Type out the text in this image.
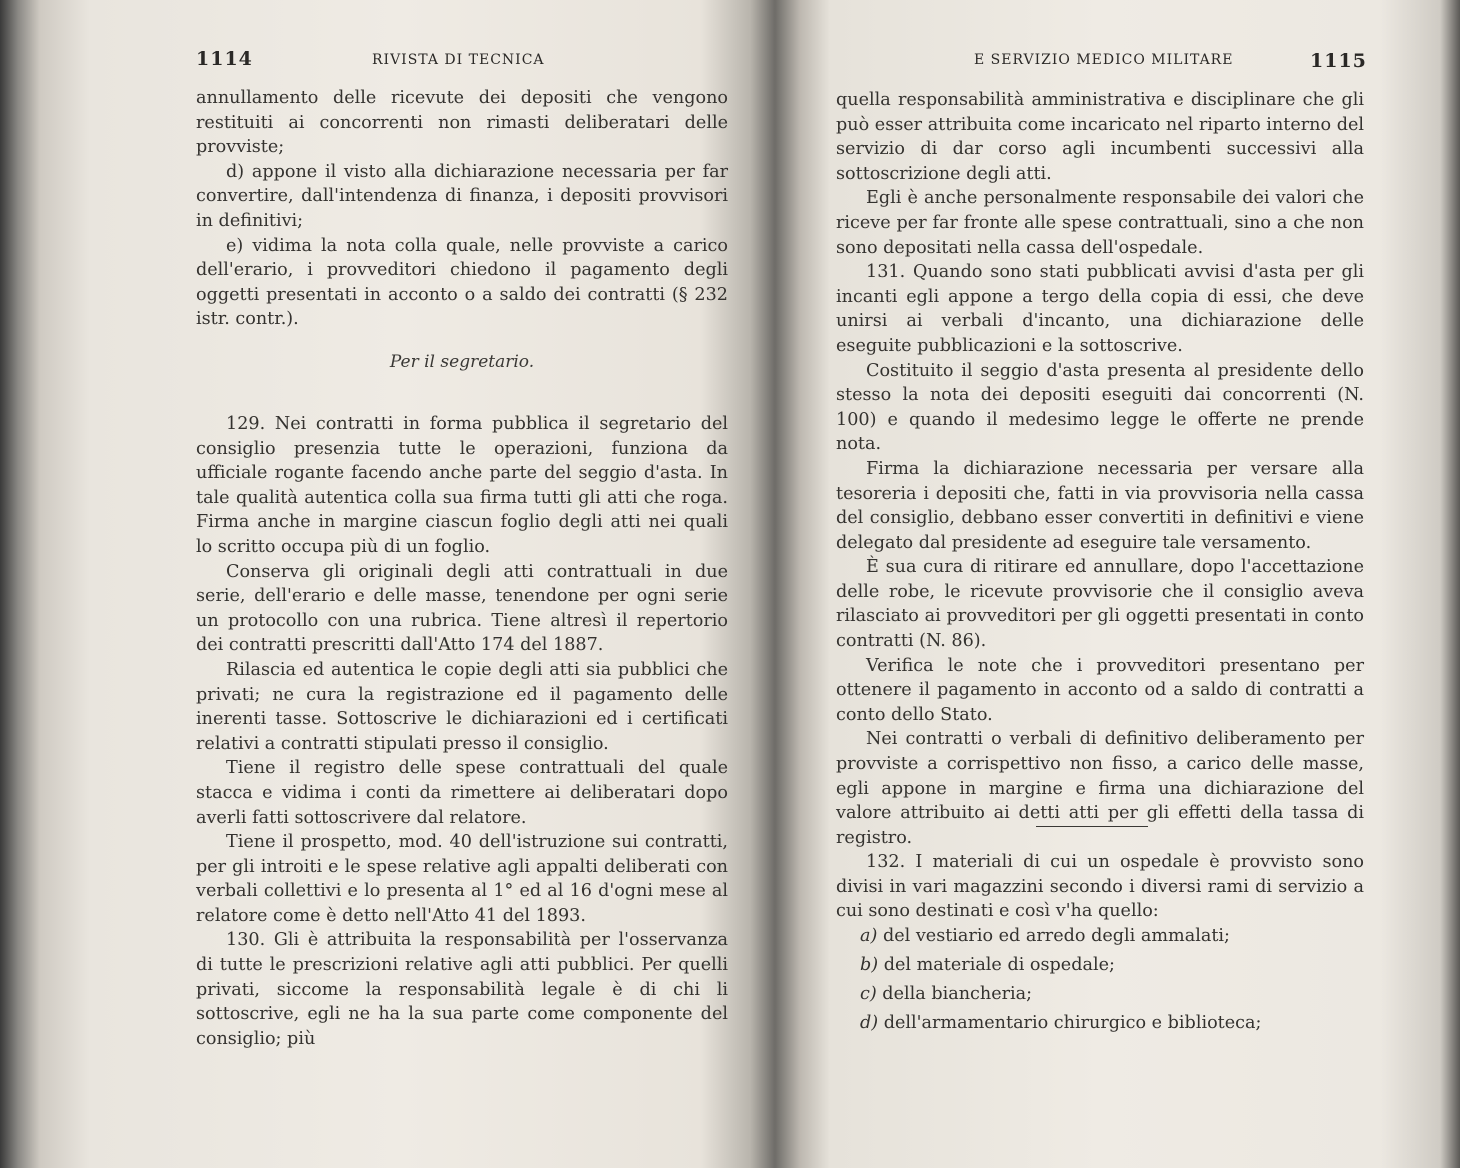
1114	RIVISTA DI TECNICA

annullamento delle ricevute dei depositi che vengono restituiti ai concorrenti non rimasti deliberatari delle provviste;

d) appone il visto alla dichiarazione necessaria per far convertire, dall'intendenza di finanza, i depositi provvisori in definitivi;

e) vidima la nota colla quale, nelle provviste a carico dell'erario, i provveditori chiedono il pagamento degli oggetti presentati in acconto o a saldo dei contratti (§ 232 istr. contr.).

Per il segretario.

129. Nei contratti in forma pubblica il segretario del consiglio presenzia tutte le operazioni, funziona da ufficiale rogante facendo anche parte del seggio d'asta. In tale qualità autentica colla sua firma tutti gli atti che roga. Firma anche in margine ciascun foglio degli atti nei quali lo scritto occupa più di un foglio.

Conserva gli originali degli atti contrattuali in due serie, dell'erario e delle masse, tenendone per ogni serie un protocollo con una rubrica. Tiene altresì il repertorio dei contratti prescritti dall'Atto 174 del 1887.

Rilascia ed autentica le copie degli atti sia pubblici che privati; ne cura la registrazione ed il pagamento delle inerenti tasse. Sottoscrive le dichiarazioni ed i certificati relativi a contratti stipulati presso il consiglio.

Tiene il registro delle spese contrattuali del quale stacca e vidima i conti da rimettere ai deliberatari dopo averli fatti sottoscrivere dal relatore.

Tiene il prospetto, mod. 40 dell'istruzione sui contratti, per gli introiti e le spese relative agli appalti deliberati con verbali collettivi e lo presenta al 1° ed al 16 d'ogni mese al relatore come è detto nell'Atto 41 del 1893.

130. Gli è attribuita la responsabilità per l'osservanza di tutte le prescrizioni relative agli atti pubblici. Per quelli privati, siccome la responsabilità legale è di chi li sottoscrive, egli ne ha la sua parte come componente del consiglio; più

E SERVIZIO MEDICO MILITARE	1115

quella responsabilità amministrativa e disciplinare che gli può esser attribuita come incaricato nel riparto interno del servizio di dar corso agli incumbenti successivi alla sottoscrizione degli atti.

Egli è anche personalmente responsabile dei valori che riceve per far fronte alle spese contrattuali, sino a che non sono depositati nella cassa dell'ospedale.

131. Quando sono stati pubblicati avvisi d'asta per gli incanti egli appone a tergo della copia di essi, che deve unirsi ai verbali d'incanto, una dichiarazione delle eseguite pubblicazioni e la sottoscrive.

Costituito il seggio d'asta presenta al presidente dello stesso la nota dei depositi eseguiti dai concorrenti (N. 100) e quando il medesimo legge le offerte ne prende nota.

Firma la dichiarazione necessaria per versare alla tesoreria i depositi che, fatti in via provvisoria nella cassa del consiglio, debbano esser convertiti in definitivi e viene delegato dal presidente ad eseguire tale versamento.

È sua cura di ritirare ed annullare, dopo l'accettazione delle robe, le ricevute provvisorie che il consiglio aveva rilasciato ai provveditori per gli oggetti presentati in conto contratti (N. 86).

Verifica le note che i provveditori presentano per ottenere il pagamento in acconto od a saldo di contratti a conto dello Stato.

Nei contratti o verbali di definitivo deliberamento per provviste a corrispettivo non fisso, a carico delle masse, egli appone in margine e firma una dichiarazione del valore attribuito ai detti atti per gli effetti della tassa di registro.

132. I materiali di cui un ospedale è provvisto sono divisi in vari magazzini secondo i diversi rami di servizio a cui sono destinati e così v'ha quello:

a) del vestiario ed arredo degli ammalati;
b) del materiale di ospedale;
c) della biancheria;
d) dell'armamentario chirurgico e biblioteca;
